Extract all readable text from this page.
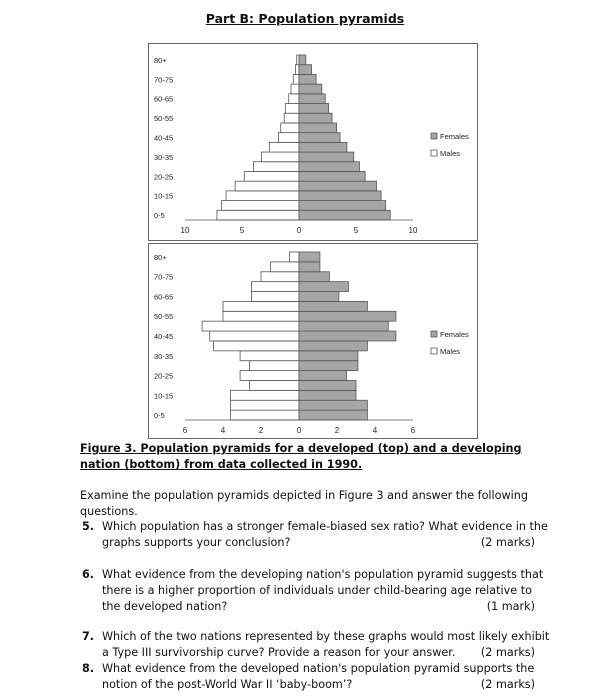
Part B: Population pyramids
10	5	0	5	10
80+
70-75
60-65
50-55
40-45
30-35
20-25
10-15
0-5
Females
Males
6	4	2	0	2	4	6
80+
70-75
60-65
50-55
40-45
30-35
20-25
10-15
0-5
Females
Males
Figure 3. Population pyramids for a developed (top) and a developing nation (bottom) from data collected in 1990.
Examine the population pyramids depicted in Figure 3 and answer the following questions.
5. Which population has a stronger female-biased sex ratio? What evidence in the graphs supports your conclusion?	(2 marks)
6. What evidence from the developing nation's population pyramid suggests that there is a higher proportion of individuals under child-bearing age relative to the developed nation?	(1 mark)
7. Which of the two nations represented by these graphs would most likely exhibit a Type III survivorship curve? Provide a reason for your answer.	(2 marks)
8. What evidence from the developed nation's population pyramid supports the notion of the post-World War II ‘baby-boom’?	(2 marks)
